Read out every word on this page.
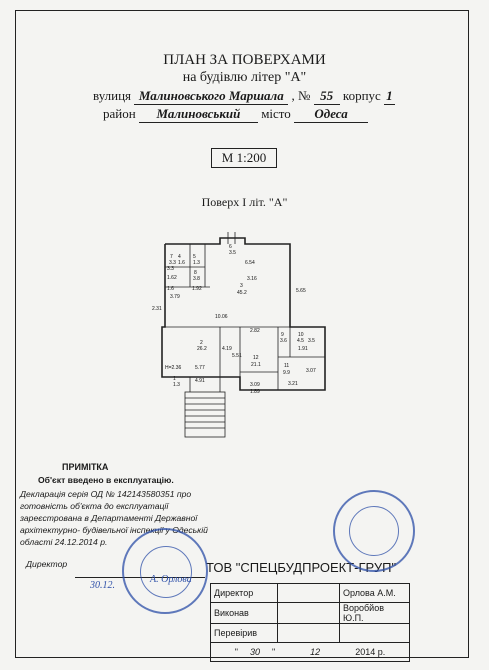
ПЛАН ЗА ПОВЕРХАМИ
на будівлю літер "А"
вулиця Малиновського Маршала , № 55 корпус 1
район Малиновський місто Одеса
М 1:200
Поверх І літ. "А"
6.54
3.16
5.65
10.06
2.31
2.82
5.51
4.19
5.77
4.91
3.09
1.89
3.21
3.07
1.91
3.79
3.5
3.3
1.62
1.6	1.92
H=2.36
3
45.2
2
26.2
12
21.1	11
9.9
10
4.5
9
3.6
8
3.8
7
3.3
6
3.5
5
1.3
4
1.6
1
1.3
ПРИМІТКА
Об'єкт введено в експлуатацію.
Декларація серія ОД № 142143580351 про
готовність об'єкта до експлуатації
зареєстрована в Департаменті Державної
архітектурно- будівельної інспекції у Одеській
області 24.12.2014 р.
Директор	ТОВ "СПЕЦБУДПРОЕКТ-ГРУП"
Директор		Орлова А.М.
Виконав		Воробйов Ю.П.
Перевірив		
" 30 " 12 2014 р.		
А. Орлова
30.12.
